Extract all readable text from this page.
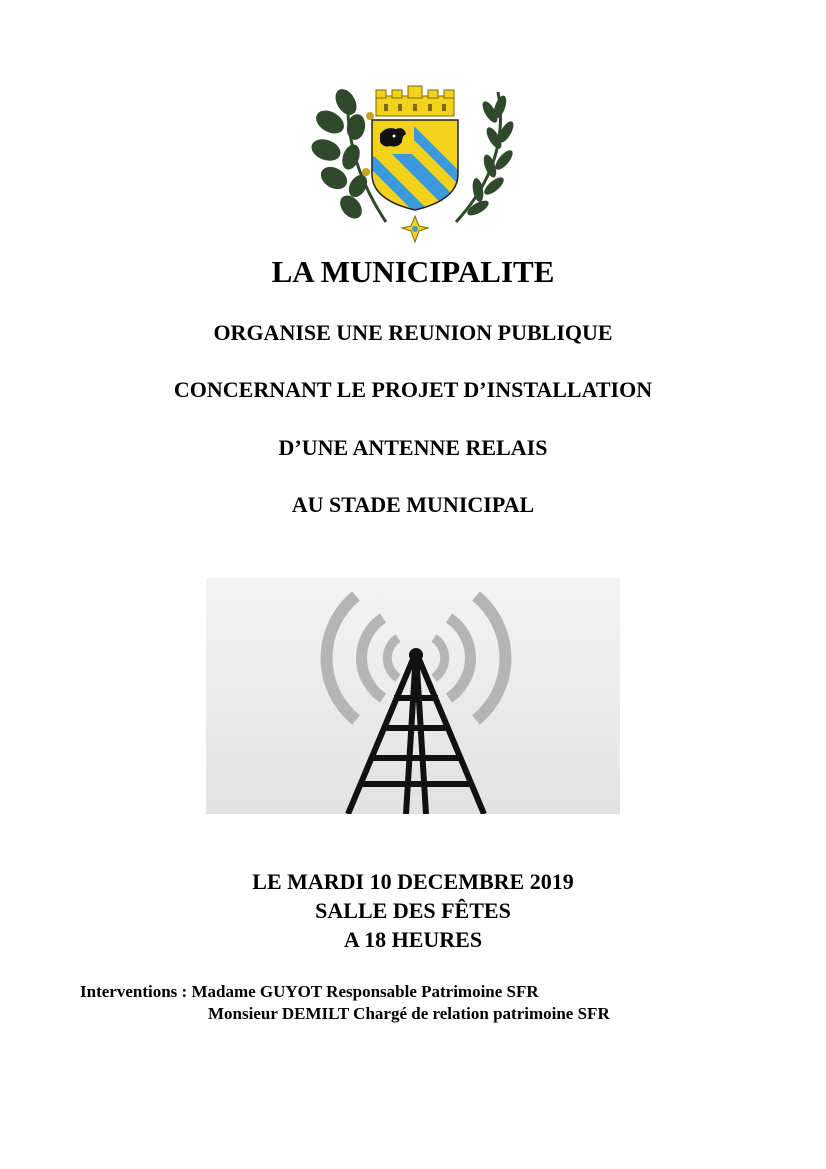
LA MUNICIPALITE
ORGANISE UNE REUNION PUBLIQUE
CONCERNANT LE PROJET D’INSTALLATION
D’UNE ANTENNE RELAIS
AU STADE MUNICIPAL
LE MARDI 10 DECEMBRE 2019
SALLE DES FÊTES
A 18 HEURES
Interventions : Madame GUYOT Responsable Patrimoine SFR
Monsieur DEMILT Chargé de relation patrimoine SFR
